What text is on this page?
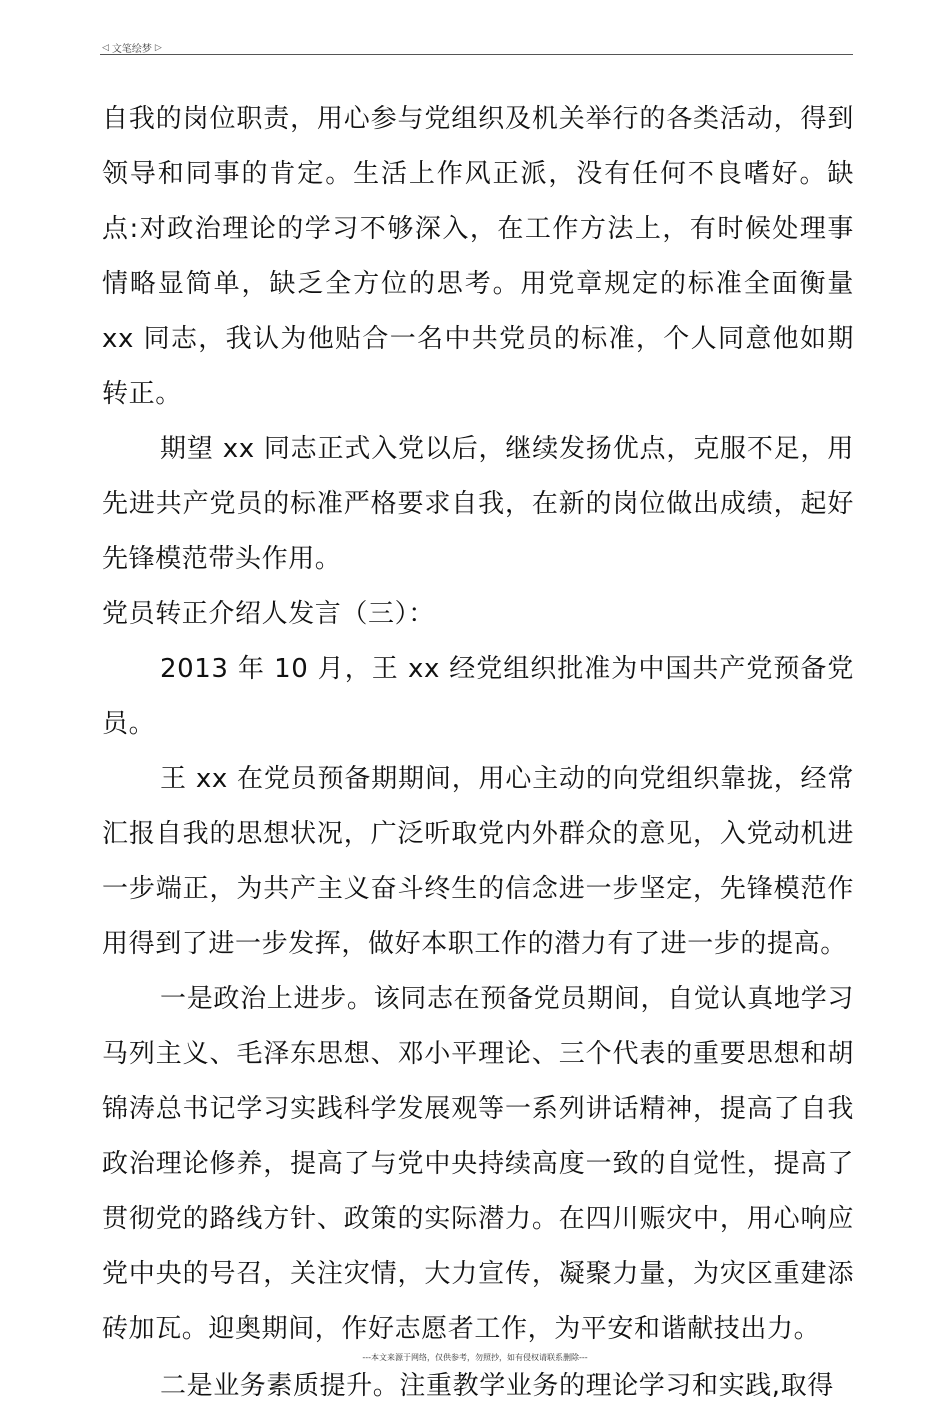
◁ 文笔绘梦 ▷

自我的岗位职责，用心参与党组织及机关举行的各类活动，得到领导和同事的肯定。生活上作风正派，没有任何不良嗜好。缺点:对政治理论的学习不够深入，在工作方法上，有时候处理事情略显简单，缺乏全方位的思考。用党章规定的标准全面衡量 xx 同志，我认为他贴合一名中共党员的标准，个人同意他如期转正。

期望 xx 同志正式入党以后，继续发扬优点，克服不足，用先进共产党员的标准严格要求自我，在新的岗位做出成绩，起好先锋模范带头作用。

党员转正介绍人发言（三）：

2013 年 10 月，王 xx 经党组织批准为中国共产党预备党员。

王 xx 在党员预备期期间，用心主动的向党组织靠拢，经常汇报自我的思想状况，广泛听取党内外群众的意见，入党动机进一步端正，为共产主义奋斗终生的信念进一步坚定，先锋模范作用得到了进一步发挥，做好本职工作的潜力有了进一步的提高。

一是政治上进步。该同志在预备党员期间，自觉认真地学习马列主义、毛泽东思想、邓小平理论、三个代表的重要思想和胡锦涛总书记学习实践科学发展观等一系列讲话精神，提高了自我政治理论修养，提高了与党中央持续高度一致的自觉性，提高了贯彻党的路线方针、政策的实际潜力。在四川赈灾中，用心响应党中央的号召，关注灾情，大力宣传，凝聚力量，为灾区重建添砖加瓦。迎奥期间，作好志愿者工作，为平安和谐献技出力。

二是业务素质提升。注重教学业务的理论学习和实践,取得

---本文来源于网络，仅供参考，勿照抄，如有侵权请联系删除---
